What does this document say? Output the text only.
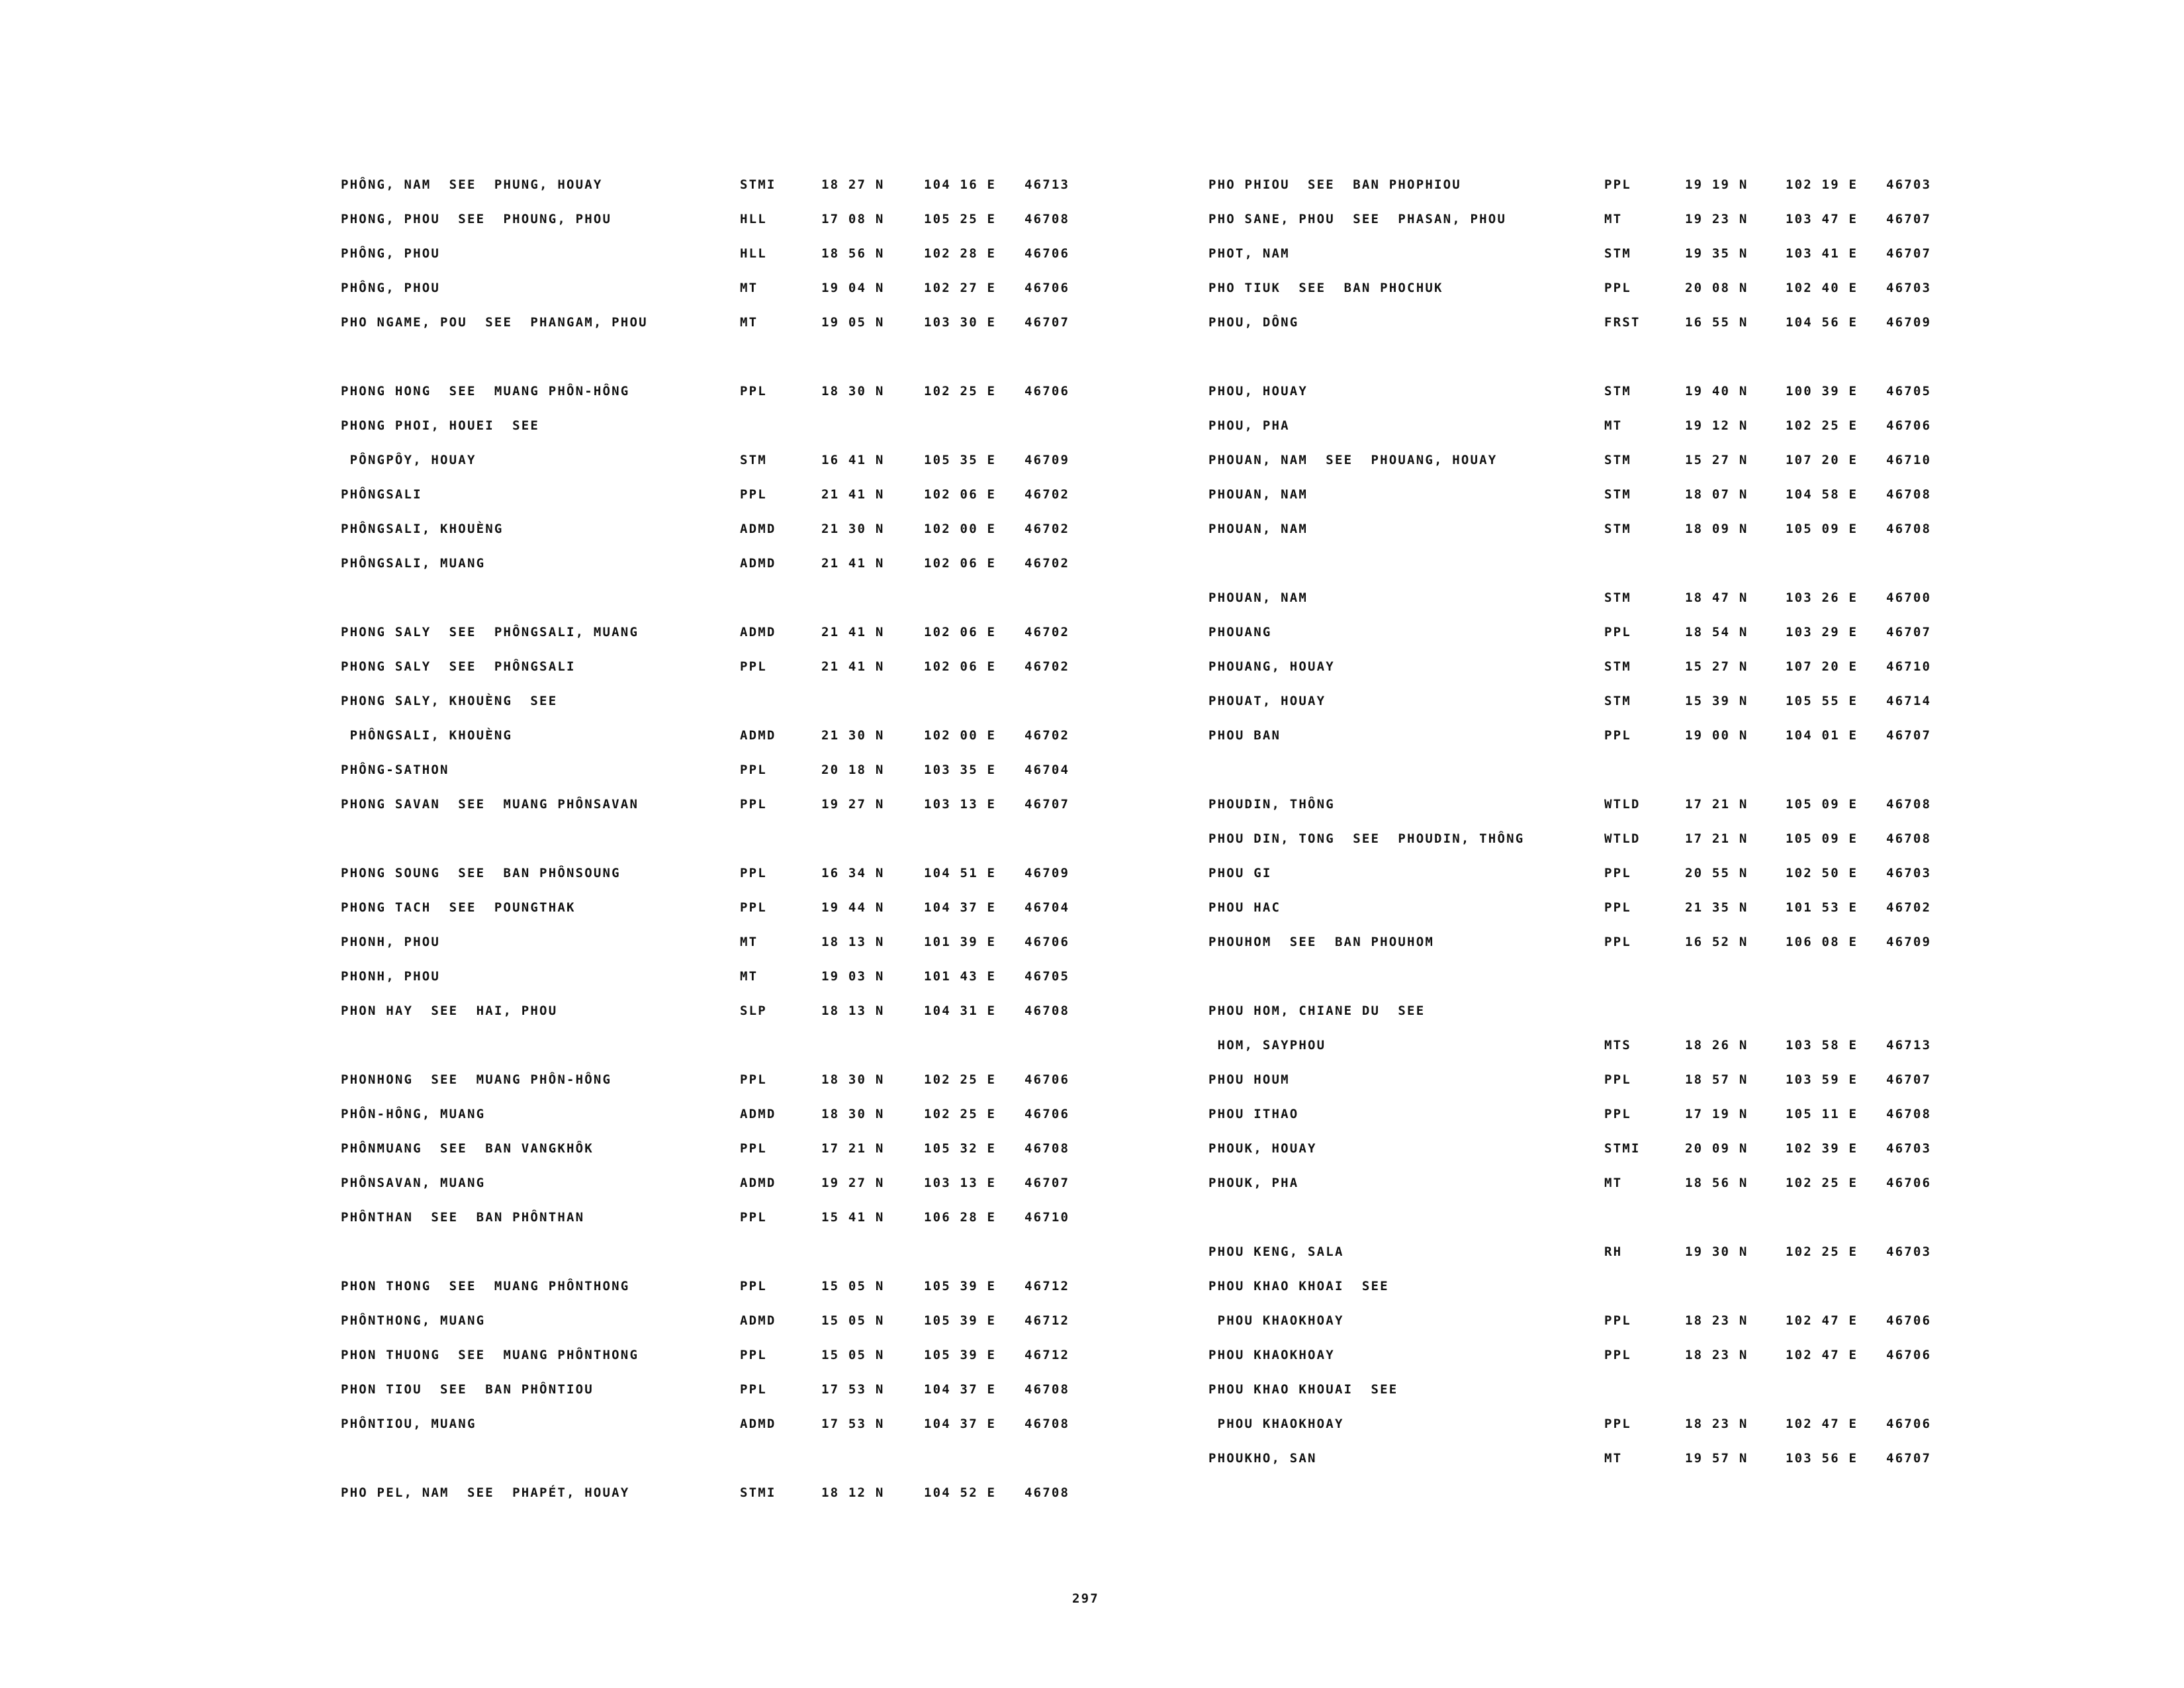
PHÔNG, NAM  SEE  PHUNG, HOUAY	STMI	18 27 N	104 16 E 46713
PHONG, PHOU  SEE  PHOUNG, PHOU	HLL	17 08 N	105 25 E 46708
PHÔNG, PHOU	HLL	18 56 N	102 28 E 46706
PHÔNG, PHOU	MT	19 04 N	102 27 E 46706
PHO NGAME, POU  SEE  PHANGAM, PHOU	MT	19 05 N	103 30 E 46707
PHONG HONG  SEE  MUANG PHÔN-HÔNG	PPL	18 30 N	102 25 E 46706
PHONG PHOI, HOUEI  SEE
PÔNGPÔY, HOUAY	STM	16 41 N	105 35 E 46709
PHÔNGSALI	PPL	21 41 N	102 06 E 46702
PHÔNGSALI, KHOUÈNG	ADMD	21 30 N	102 00 E 46702
PHÔNGSALI, MUANG	ADMD	21 41 N	102 06 E 46702
PHONG SALY  SEE  PHÔNGSALI, MUANG	ADMD	21 41 N	102 06 E 46702
PHONG SALY  SEE  PHÔNGSALI	PPL	21 41 N	102 06 E 46702
PHONG SALY, KHOUÈNG  SEE
PHÔNGSALI, KHOUÈNG	ADMD	21 30 N	102 00 E 46702
PHÔNG-SATHON	PPL	20 18 N	103 35 E 46704
PHONG SAVAN  SEE  MUANG PHÔNSAVAN	PPL	19 27 N	103 13 E 46707
PHONG SOUNG  SEE  BAN PHÔNSOUNG	PPL	16 34 N	104 51 E 46709
PHONG TACH  SEE  POUNGTHAK	PPL	19 44 N	104 37 E 46704
PHONH, PHOU	MT	18 13 N	101 39 E 46706
PHONH, PHOU	MT	19 03 N	101 43 E 46705
PHON HAY  SEE  HAI, PHOU	SLP	18 13 N	104 31 E 46708
PHONHONG  SEE  MUANG PHÔN-HÔNG	PPL	18 30 N	102 25 E 46706
PHÔN-HÔNG, MUANG	ADMD	18 30 N	102 25 E 46706
PHÔNMUANG  SEE  BAN VANGKHÔK	PPL	17 21 N	105 32 E 46708
PHÔNSAVAN, MUANG	ADMD	19 27 N	103 13 E 46707
PHÔNTHAN  SEE  BAN PHÔNTHAN	PPL	15 41 N	106 28 E 46710
PHON THONG  SEE  MUANG PHÔNTHONG	PPL	15 05 N	105 39 E 46712
PHÔNTHONG, MUANG	ADMD	15 05 N	105 39 E 46712
PHON THUONG  SEE  MUANG PHÔNTHONG	PPL	15 05 N	105 39 E 46712
PHON TIOU  SEE  BAN PHÔNTIOU	PPL	17 53 N	104 37 E 46708
PHÔNTIOU, MUANG	ADMD	17 53 N	104 37 E 46708
PHO PEL, NAM  SEE  PHAPÉT, HOUAY	STMI	18 12 N	104 52 E 46708
PHO PHIOU  SEE  BAN PHOPHIOU	PPL	19 19 N	102 19 E 46703
PHO SANE, PHOU  SEE  PHASAN, PHOU	MT	19 23 N	103 47 E 46707
PHOT, NAM	STM	19 35 N	103 41 E 46707
PHO TIUK  SEE  BAN PHOCHUK	PPL	20 08 N	102 40 E 46703
PHOU, DÔNG	FRST	16 55 N	104 56 E 46709
PHOU, HOUAY	STM	19 40 N	100 39 E 46705
PHOU, PHA	MT	19 12 N	102 25 E 46706
PHOUAN, NAM  SEE  PHOUANG, HOUAY	STM	15 27 N	107 20 E 46710
PHOUAN, NAM	STM	18 07 N	104 58 E 46708
PHOUAN, NAM	STM	18 09 N	105 09 E 46708
PHOUAN, NAM	STM	18 47 N	103 26 E 46700
PHOUANG	PPL	18 54 N	103 29 E 46707
PHOUANG, HOUAY	STM	15 27 N	107 20 E 46710
PHOUAT, HOUAY	STM	15 39 N	105 55 E 46714
PHOU BAN	PPL	19 00 N	104 01 E 46707
PHOUDIN, THÔNG	WTLD	17 21 N	105 09 E 46708
PHOU DIN, TONG  SEE  PHOUDIN, THÔNG	WTLD	17 21 N	105 09 E 46708
PHOU GI	PPL	20 55 N	102 50 E 46703
PHOU HAC	PPL	21 35 N	101 53 E 46702
PHOUHOM  SEE  BAN PHOUHOM	PPL	16 52 N	106 08 E 46709
PHOU HOM, CHIANE DU  SEE
HOM, SAYPHOU	MTS	18 26 N	103 58 E 46713
PHOU HOUM	PPL	18 57 N	103 59 E 46707
PHOU ITHAO	PPL	17 19 N	105 11 E 46708
PHOUK, HOUAY	STMI	20 09 N	102 39 E 46703
PHOUK, PHA	MT	18 56 N	102 25 E 46706
PHOU KENG, SALA	RH	19 30 N	102 25 E 46703
PHOU KHAO KHOAI  SEE
PHOU KHAOKHOAY	PPL	18 23 N	102 47 E 46706
PHOU KHAOKHOAY	PPL	18 23 N	102 47 E 46706
PHOU KHAO KHOUAI  SEE
PHOU KHAOKHOAY	PPL	18 23 N	102 47 E 46706
PHOUKHO, SAN	MT	19 57 N	103 56 E 46707
297
